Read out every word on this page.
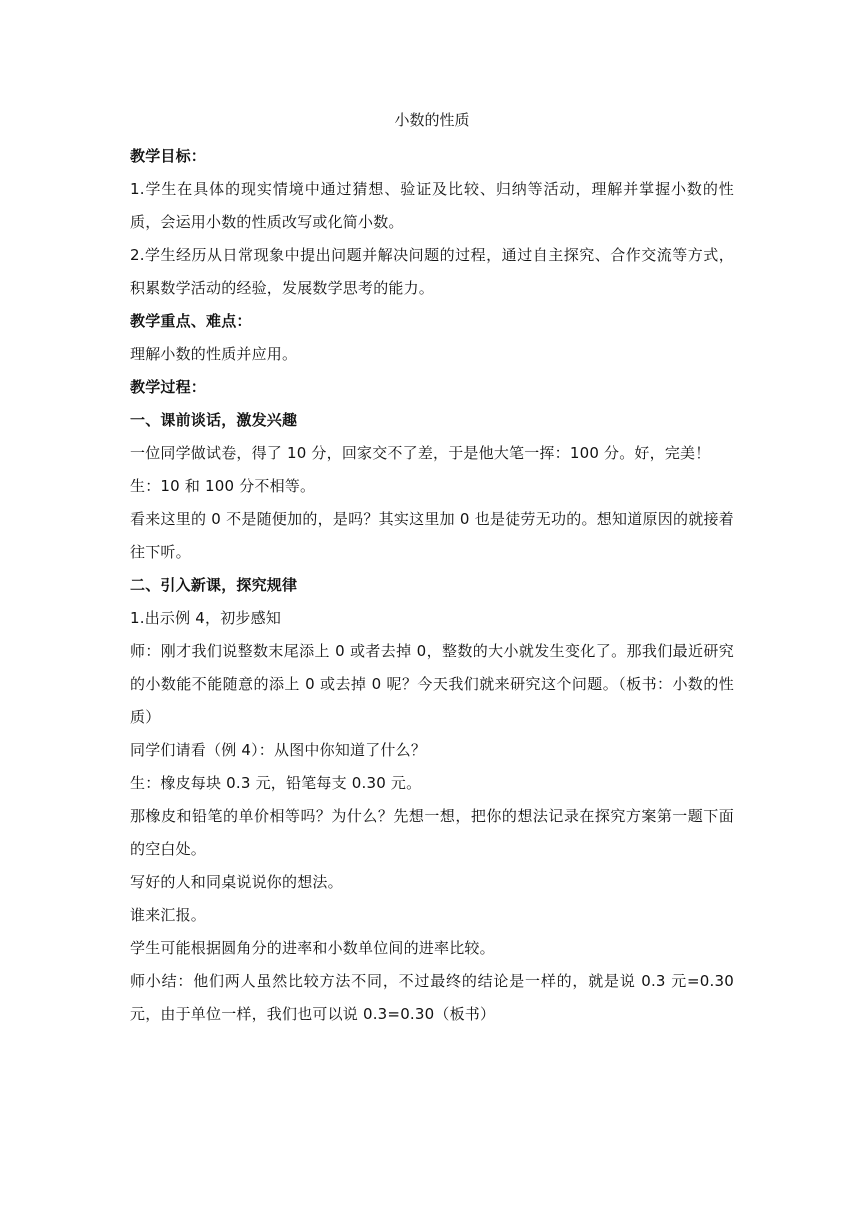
小数的性质

教学目标：

1.学生在具体的现实情境中通过猜想、验证及比较、归纳等活动，理解并掌握小数的性质，会运用小数的性质改写或化简小数。

2.学生经历从日常现象中提出问题并解决问题的过程，通过自主探究、合作交流等方式，积累数学活动的经验，发展数学思考的能力。

教学重点、难点：

理解小数的性质并应用。

教学过程：

一、课前谈话，激发兴趣

一位同学做试卷，得了 10 分，回家交不了差，于是他大笔一挥：100 分。好，完美！

生：10 和 100 分不相等。

看来这里的 0 不是随便加的，是吗？其实这里加 0 也是徒劳无功的。想知道原因的就接着往下听。

二、引入新课，探究规律

1.出示例 4，初步感知

师：刚才我们说整数末尾添上 0 或者去掉 0，整数的大小就发生变化了。那我们最近研究的小数能不能随意的添上 0 或去掉 0 呢？今天我们就来研究这个问题。（板书：小数的性质）

同学们请看（例 4）：从图中你知道了什么？

生：橡皮每块 0.3 元，铅笔每支 0.30 元。

那橡皮和铅笔的单价相等吗？为什么？先想一想，把你的想法记录在探究方案第一题下面的空白处。

写好的人和同桌说说你的想法。

谁来汇报。

学生可能根据圆角分的进率和小数单位间的进率比较。

师小结：他们两人虽然比较方法不同，不过最终的结论是一样的，就是说 0.3 元=0.30 元，由于单位一样，我们也可以说 0.3=0.30（板书）
